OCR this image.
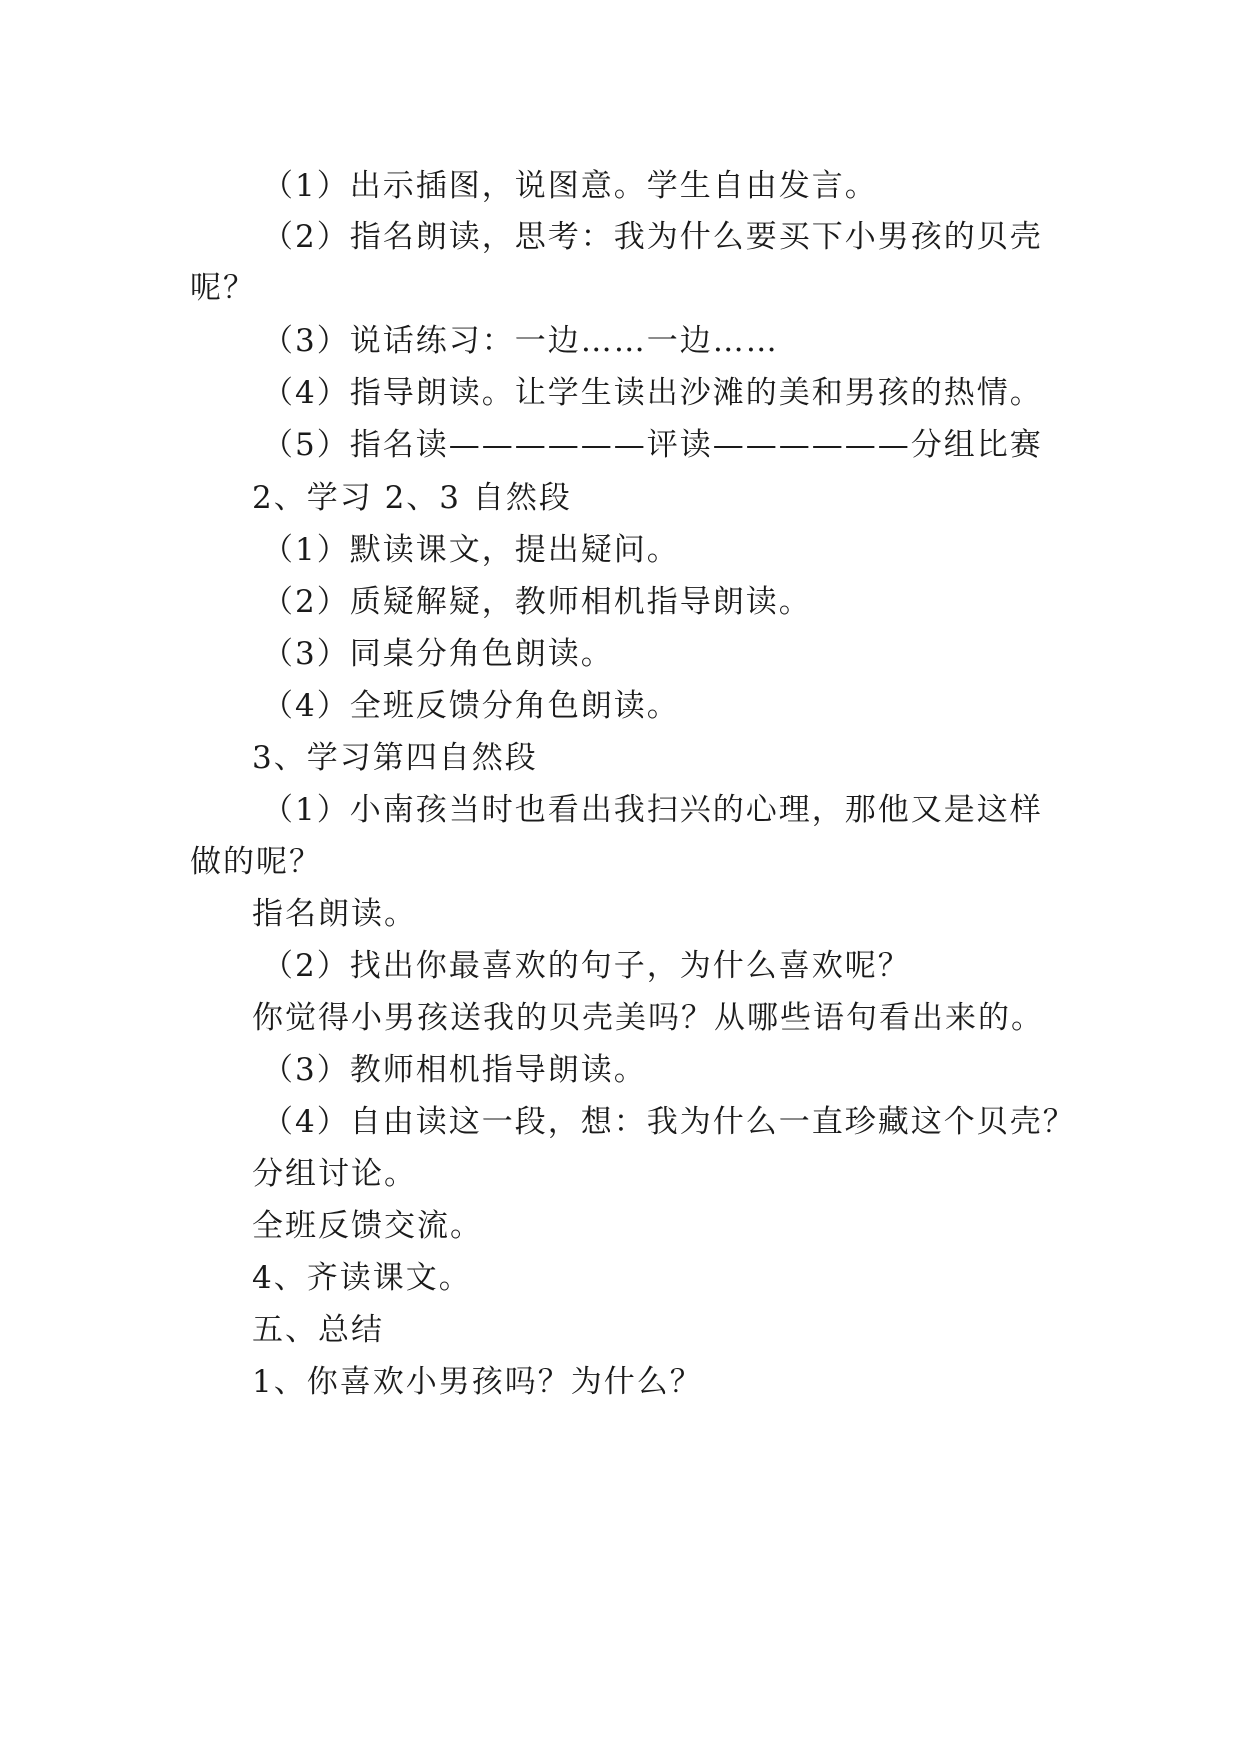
（1）出示插图，说图意。学生自由发言。
（2）指名朗读，思考：我为什么要买下小男孩的贝壳
呢？
（3）说话练习：一边……一边……
（4）指导朗读。让学生读出沙滩的美和男孩的热情。
（5）指名读——————评读——————分组比赛
2、学习 2、3 自然段
（1）默读课文，提出疑问。
（2）质疑解疑，教师相机指导朗读。
（3）同桌分角色朗读。
（4）全班反馈分角色朗读。
3、学习第四自然段
（1）小南孩当时也看出我扫兴的心理，那他又是这样
做的呢？
指名朗读。
（2）找出你最喜欢的句子，为什么喜欢呢？
你觉得小男孩送我的贝壳美吗？从哪些语句看出来的。
（3）教师相机指导朗读。
（4）自由读这一段，想：我为什么一直珍藏这个贝壳？
分组讨论。
全班反馈交流。
4、齐读课文。
五、总结
1、你喜欢小男孩吗？为什么？
